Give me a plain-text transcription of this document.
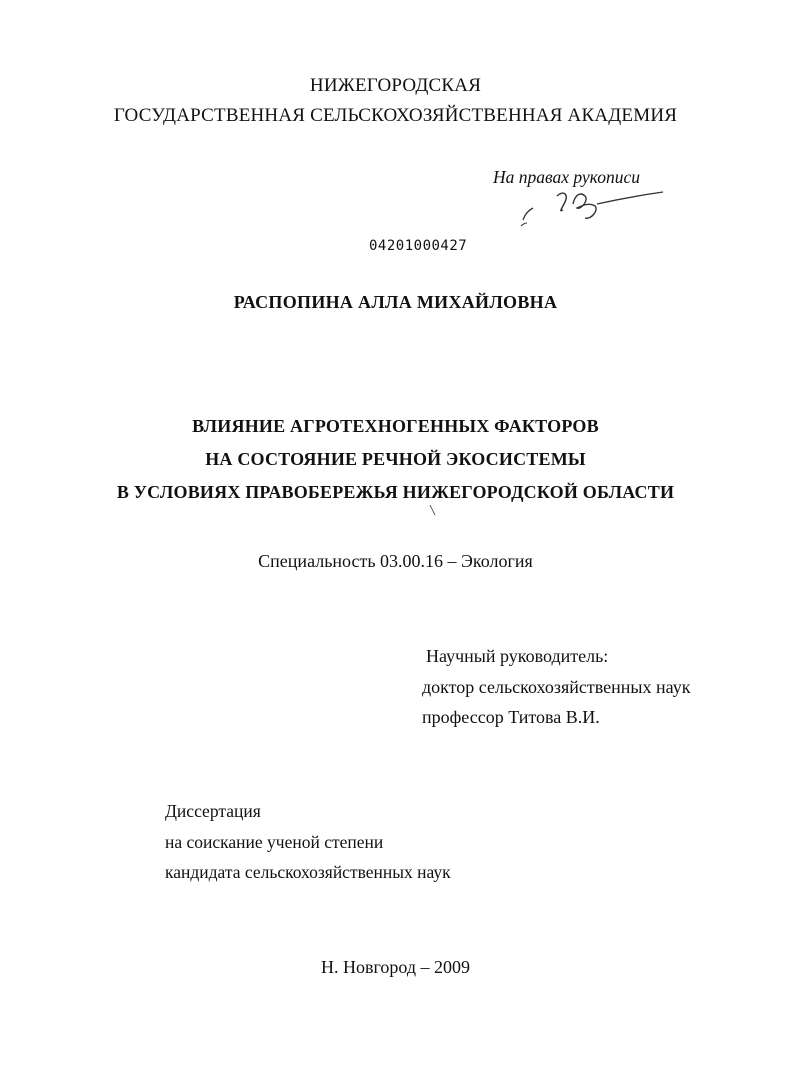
НИЖЕГОРОДСКАЯ
ГОСУДАРСТВЕННАЯ СЕЛЬСКОХОЗЯЙСТВЕННАЯ АКАДЕМИЯ
На правах рукописи
04201000427
РАСПОПИНА АЛЛА МИХАЙЛОВНА
ВЛИЯНИЕ АГРОТЕХНОГЕННЫХ ФАКТОРОВ
НА СОСТОЯНИЕ РЕЧНОЙ ЭКОСИСТЕМЫ
В УСЛОВИЯХ ПРАВОБЕРЕЖЬЯ НИЖЕГОРОДСКОЙ ОБЛАСТИ
Специальность 03.00.16 – Экология
Научный руководитель:
доктор сельскохозяйственных наук
профессор Титова В.И.
Диссертация
на соискание ученой степени
кандидата сельскохозяйственных наук
Н. Новгород – 2009
